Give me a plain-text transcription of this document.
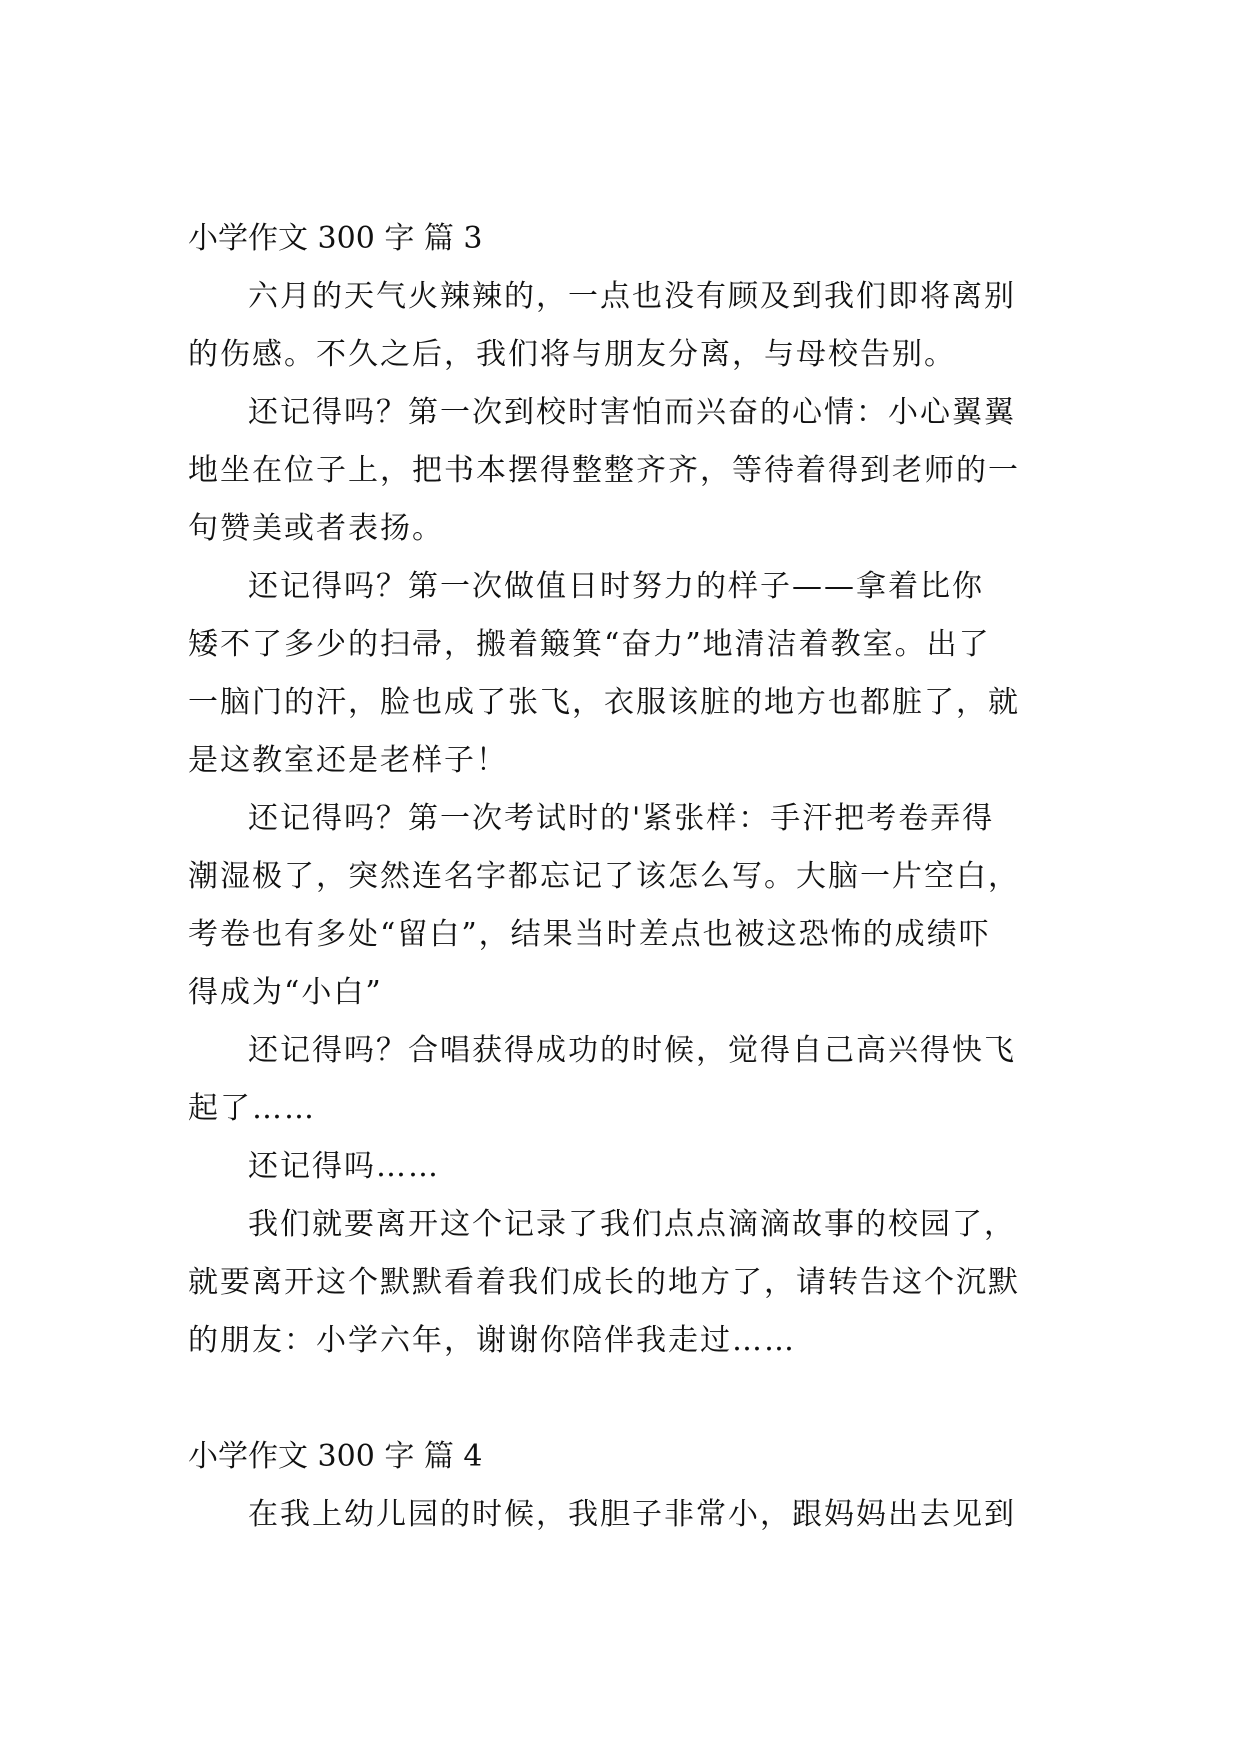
小学作文 300 字 篇 3
六月的天气火辣辣的，一点也没有顾及到我们即将离别
的伤感。不久之后，我们将与朋友分离，与母校告别。
还记得吗？第一次到校时害怕而兴奋的心情：小心翼翼
地坐在位子上，把书本摆得整整齐齐，等待着得到老师的一
句赞美或者表扬。
还记得吗？第一次做值日时努力的样子——拿着比你
矮不了多少的扫帚，搬着簸箕“奋力”地清洁着教室。出了
一脑门的汗，脸也成了张飞，衣服该脏的地方也都脏了，就
是这教室还是老样子！
还记得吗？第一次考试时的'紧张样：手汗把考卷弄得
潮湿极了，突然连名字都忘记了该怎么写。大脑一片空白，
考卷也有多处“留白”，结果当时差点也被这恐怖的成绩吓
得成为“小白”
还记得吗？合唱获得成功的时候，觉得自己高兴得快飞
起了……
还记得吗……
我们就要离开这个记录了我们点点滴滴故事的校园了，
就要离开这个默默看着我们成长的地方了，请转告这个沉默
的朋友：小学六年，谢谢你陪伴我走过……
小学作文 300 字 篇 4
在我上幼儿园的时候，我胆子非常小，跟妈妈出去见到
